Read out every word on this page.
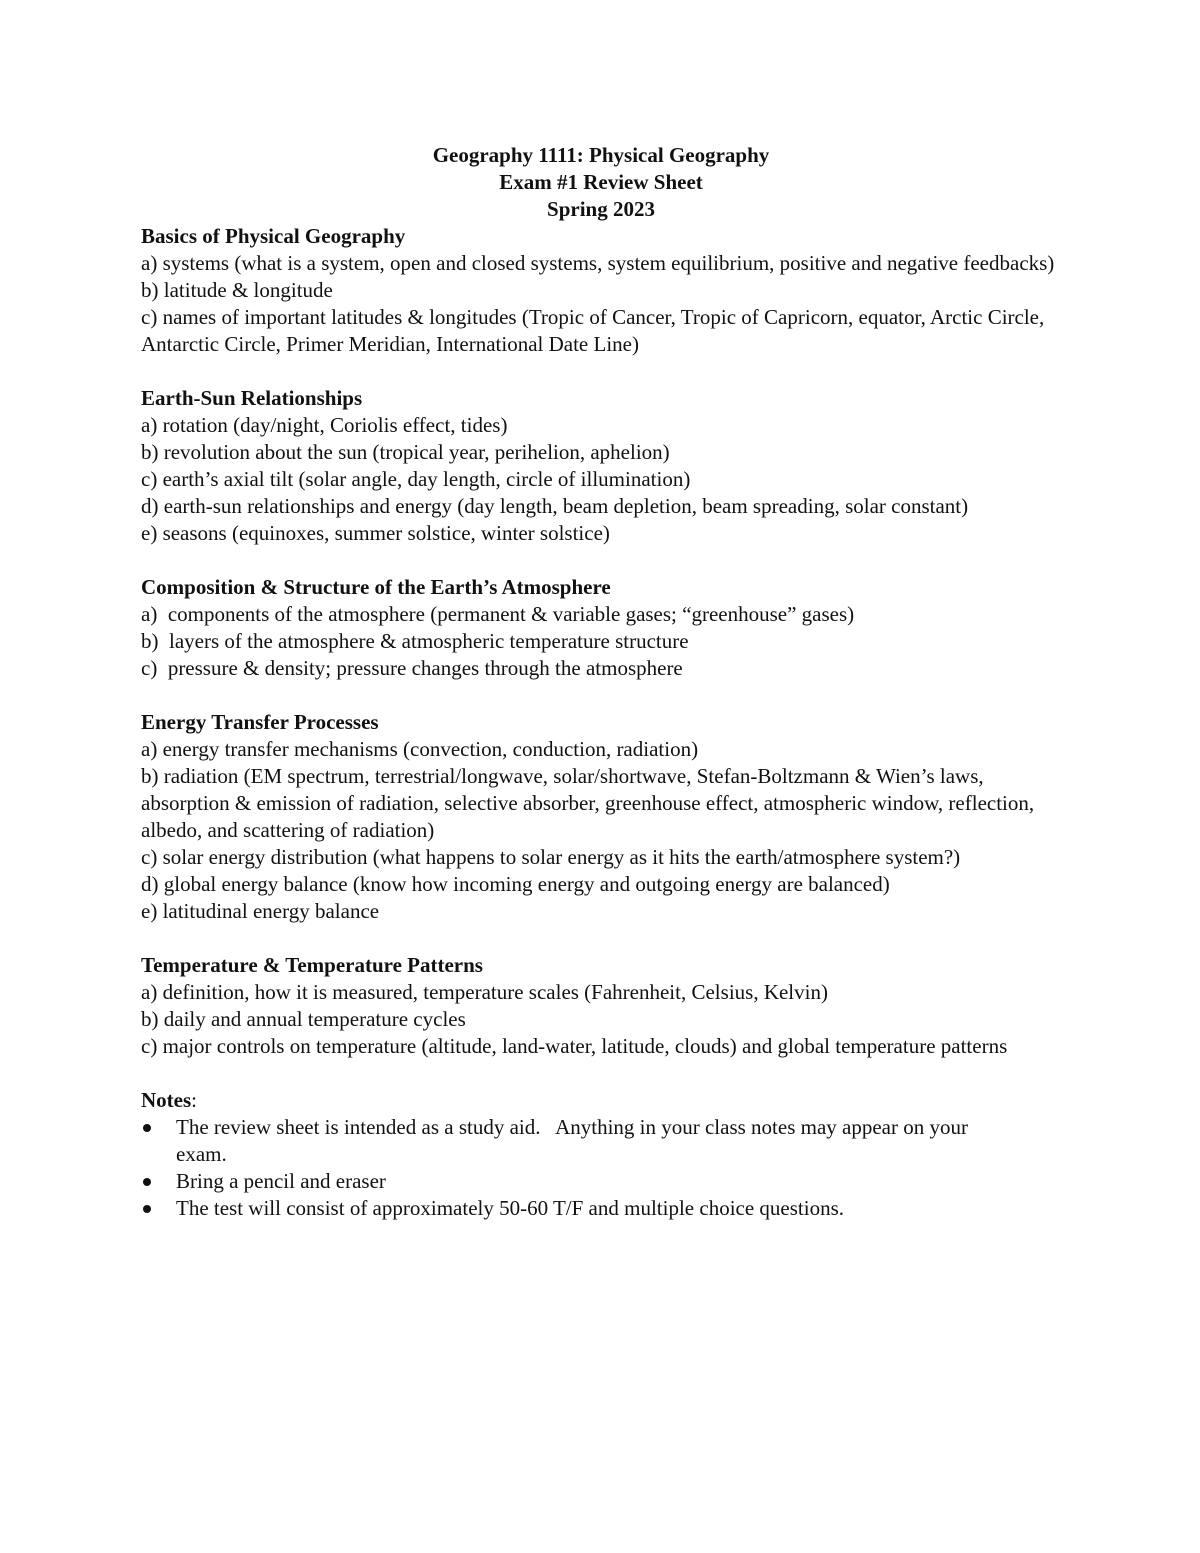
Geography 1111: Physical Geography
Exam #1 Review Sheet
Spring 2023
Basics of Physical Geography
a) systems (what is a system, open and closed systems, system equilibrium, positive and negative feedbacks)
b) latitude & longitude
c) names of important latitudes & longitudes (Tropic of Cancer, Tropic of Capricorn, equator, Arctic Circle, Antarctic Circle, Primer Meridian, International Date Line)
Earth-Sun Relationships
a) rotation (day/night, Coriolis effect, tides)
b) revolution about the sun (tropical year, perihelion, aphelion)
c) earth’s axial tilt (solar angle, day length, circle of illumination)
d) earth-sun relationships and energy (day length, beam depletion, beam spreading, solar constant)
e) seasons (equinoxes, summer solstice, winter solstice)
Composition & Structure of the Earth’s Atmosphere
a)  components of the atmosphere (permanent & variable gases; “greenhouse” gases)
b)  layers of the atmosphere & atmospheric temperature structure
c)  pressure & density; pressure changes through the atmosphere
Energy Transfer Processes
a) energy transfer mechanisms (convection, conduction, radiation)
b) radiation (EM spectrum, terrestrial/longwave, solar/shortwave, Stefan-Boltzmann & Wien’s laws, absorption & emission of radiation, selective absorber, greenhouse effect, atmospheric window, reflection, albedo, and scattering of radiation)
c) solar energy distribution (what happens to solar energy as it hits the earth/atmosphere system?)
d) global energy balance (know how incoming energy and outgoing energy are balanced)
e) latitudinal energy balance
Temperature & Temperature Patterns
a) definition, how it is measured, temperature scales (Fahrenheit, Celsius, Kelvin)
b) daily and annual temperature cycles
c) major controls on temperature (altitude, land-water, latitude, clouds) and global temperature patterns
Notes:
The review sheet is intended as a study aid.   Anything in your class notes may appear on your exam.
Bring a pencil and eraser
The test will consist of approximately 50-60 T/F and multiple choice questions.
